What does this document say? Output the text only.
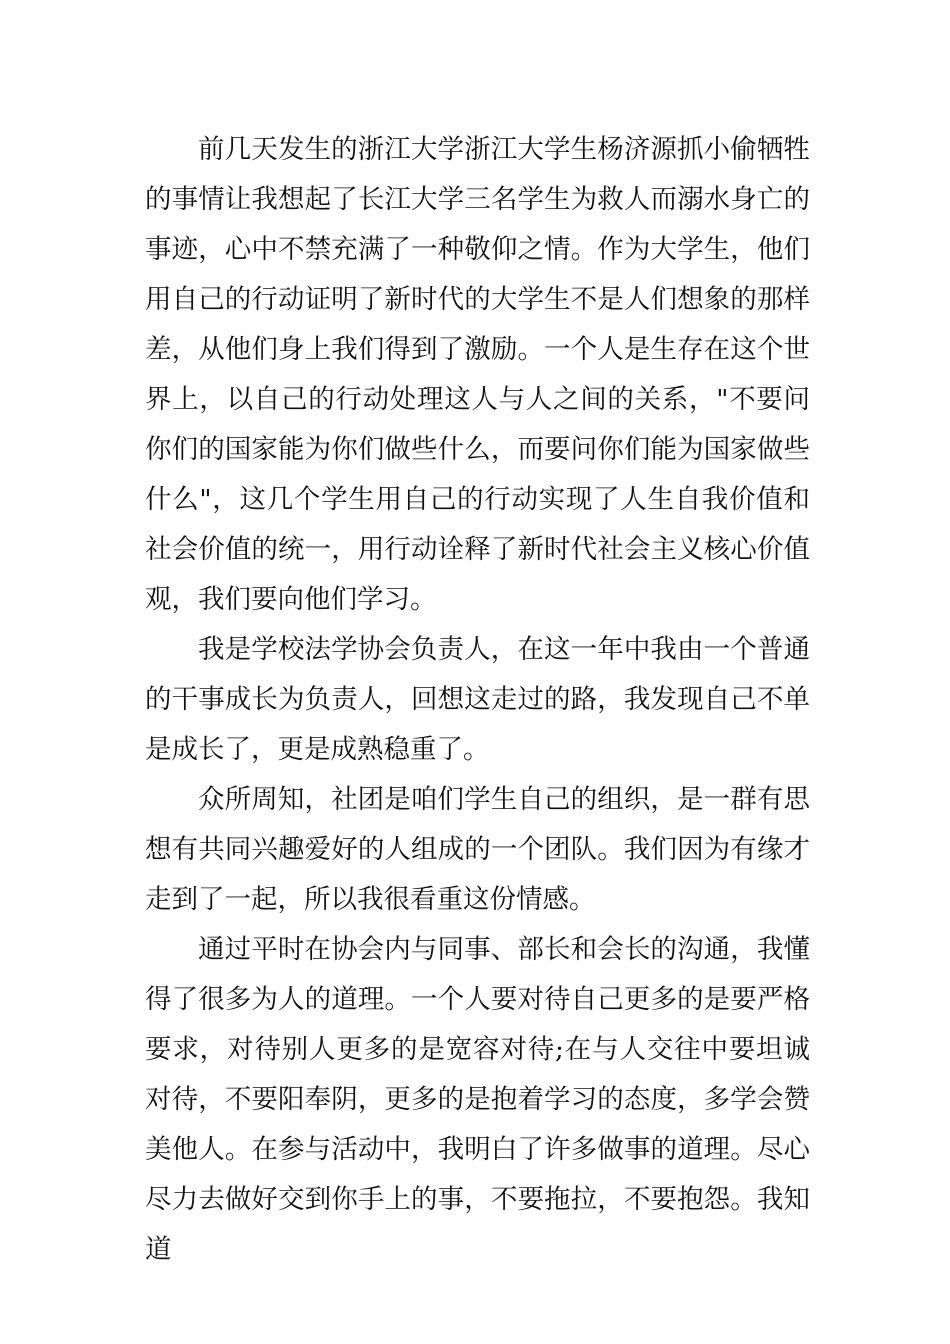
前几天发生的浙江大学浙江大学生杨济源抓小偷牺牲的事情让我想起了长江大学三名学生为救人而溺水身亡的事迹，心中不禁充满了一种敬仰之情。作为大学生，他们用自己的行动证明了新时代的大学生不是人们想象的那样差，从他们身上我们得到了激励。一个人是生存在这个世界上，以自己的行动处理这人与人之间的关系，"不要问你们的国家能为你们做些什么，而要问你们能为国家做些什么"，这几个学生用自己的行动实现了人生自我价值和社会价值的统一，用行动诠释了新时代社会主义核心价值观，我们要向他们学习。

我是学校法学协会负责人，在这一年中我由一个普通的干事成长为负责人，回想这走过的路，我发现自己不单是成长了，更是成熟稳重了。

众所周知，社团是咱们学生自己的组织，是一群有思想有共同兴趣爱好的人组成的一个团队。我们因为有缘才走到了一起，所以我很看重这份情感。

通过平时在协会内与同事、部长和会长的沟通，我懂得了很多为人的道理。一个人要对待自己更多的是要严格要求，对待别人更多的是宽容对待;在与人交往中要坦诚对待，不要阳奉阴，更多的是抱着学习的态度，多学会赞美他人。在参与活动中，我明白了许多做事的道理。尽心尽力去做好交到你手上的事，不要拖拉，不要抱怨。我知道
